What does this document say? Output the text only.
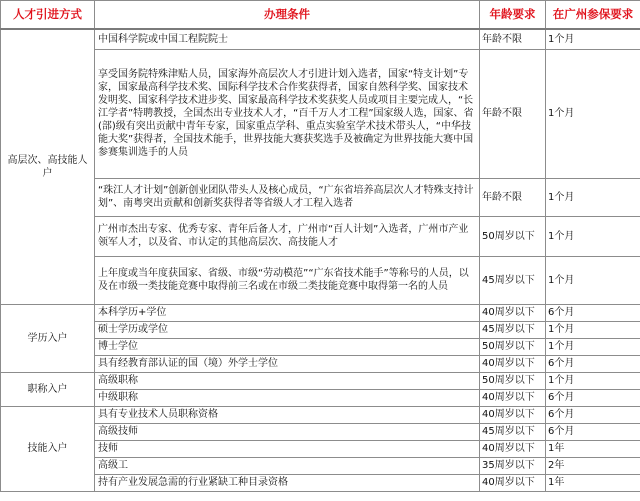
人才引进方式	办理条件	年龄要求	在广州参保要求
高层次、高技能人户	中国科学院或中国工程院院士	年龄不限	1个月
	享受国务院特殊津贴人员，国家海外高层次人才引进计划入选者，国家“特支计划”专家，国家最高科学技术奖、国际科学技术合作奖获得者，国家自然科学奖、国家技术发明奖、国家科学技术进步奖、国家最高科学技术奖获奖人员或项目主要完成人，“长江学者”特聘教授，全国杰出专业技术人才，“百千万人才工程”国家级人选，国家、省(部)级有突出贡献中青年专家，国家重点学科、重点实验室学术技术带头人，“中华技能大奖”获得者，全国技术能手，世界技能大赛获奖选手及被确定为世界技能大赛中国参赛集训选手的人员	年龄不限	1个月
	“珠江人才计划”创新创业团队带头人及核心成员，“广东省培养高层次人才特殊支持计划”、南粤突出贡献和创新奖获得者等省级人才工程入选者	年龄不限	1个月
	广州市杰出专家、优秀专家、青年后备人才，广州市“百人计划”入选者，广州市产业领军人才，以及省、市认定的其他高层次、高技能人才	50周岁以下	1个月
	上年度或当年度获国家、省级、市级“劳动模范”“广东省技术能手”等称号的人员，以及在市级一类技能竞赛中取得前三名或在市级二类技能竞赛中取得第一名的人员	45周岁以下	1个月
学历入户	本科学历+学位	40周岁以下	6个月
	硕士学历或学位	45周岁以下	1个月
	博士学位	50周岁以下	1个月
	具有经教育部认证的国（境）外学士学位	40周岁以下	6个月
职称入户	高级职称	50周岁以下	1个月
	中级职称	40周岁以下	6个月
技能入户	具有专业技术人员职称资格	40周岁以下	6个月
	高级技师	45周岁以下	6个月
	技师	40周岁以下	1年
	高级工	35周岁以下	2年
	持有产业发展急需的行业紧缺工种目录资格	40周岁以下	1年
